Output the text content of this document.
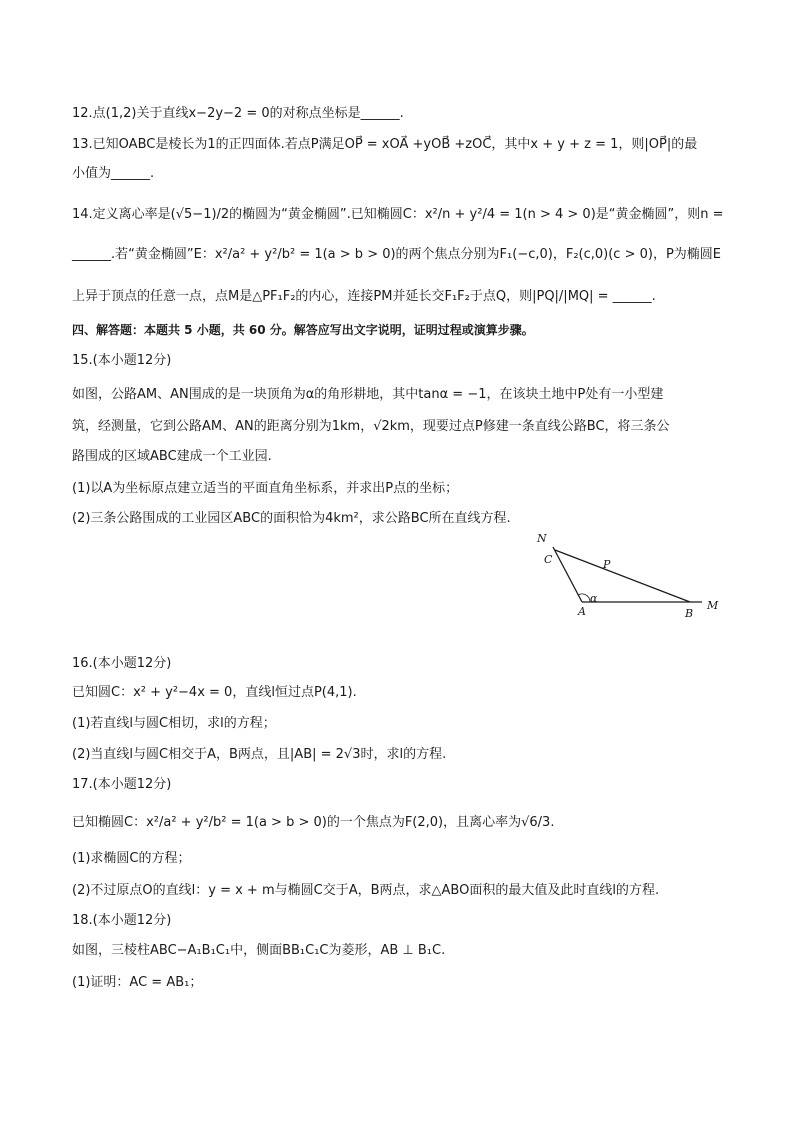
12.点(1,2)关于直线x−2y−2 = 0的对称点坐标是______.
13.已知OABC是棱长为1的正四面体.若点P满足OP⃗ = xOA⃗ +yOB⃗ +zOC⃗，其中x + y + z = 1，则|OP⃗|的最
小值为______.
14.定义离心率是(√5−1)/2的椭圆为“黄金椭圆”.已知椭圆C：x²/n + y²/4 = 1(n > 4 > 0)是“黄金椭圆”，则n =
______.若“黄金椭圆”E：x²/a² + y²/b² = 1(a > b > 0)的两个焦点分别为F₁(−c,0)，F₂(c,0)(c > 0)，P为椭圆E
上异于顶点的任意一点，点M是△PF₁F₂的内心，连接PM并延长交F₁F₂于点Q，则|PQ|/|MQ| = ______.
四、解答题：本题共 5 小题，共 60 分。解答应写出文字说明，证明过程或演算步骤。
15.(本小题12分)
如图，公路AM、AN围成的是一块顶角为α的角形耕地，其中tanα = −1，在该块土地中P处有一小型建
筑，经测量，它到公路AM、AN的距离分别为1km，√2km，现要过点P修建一条直线公路BC，将三条公
路围成的区域ABC建成一个工业园.
(1)以A为坐标原点建立适当的平面直角坐标系，并求出P点的坐标；
(2)三条公路围成的工业园区ABC的面积恰为4km²，求公路BC所在直线方程.
N
C	P
A
α
B
M
16.(本小题12分)
已知圆C：x² + y²−4x = 0，直线l恒过点P(4,1).
(1)若直线l与圆C相切，求l的方程；
(2)当直线l与圆C相交于A，B两点，且|AB| = 2√3时，求l的方程.
17.(本小题12分)
已知椭圆C：x²/a² + y²/b² = 1(a > b > 0)的一个焦点为F(2,0)，且离心率为√6/3.
(1)求椭圆C的方程；
(2)不过原点O的直线l：y = x + m与椭圆C交于A，B两点，求△ABO面积的最大值及此时直线l的方程.
18.(本小题12分)
如图，三棱柱ABC−A₁B₁C₁中，侧面BB₁C₁C为菱形，AB ⊥ B₁C.
(1)证明：AC = AB₁；
